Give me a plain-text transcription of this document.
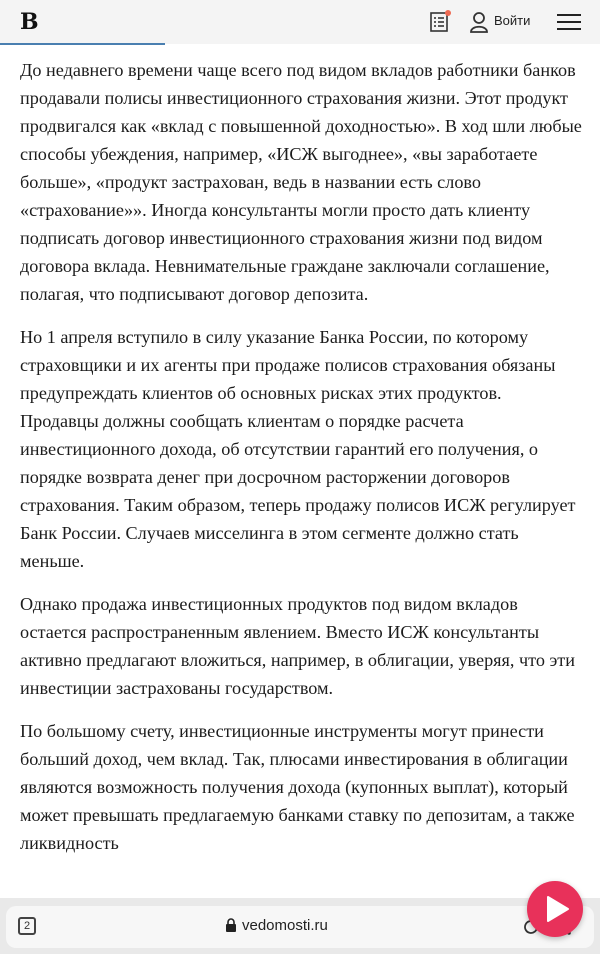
B	Войти

До недавнего времени чаще всего под видом вкладов работники банков продавали полисы инвестиционного страхования жизни. Этот продукт продвигался как «вклад с повышенной доходностью». В ход шли любые способы убеждения, например, «ИСЖ выгоднее», «вы заработаете больше», «продукт застрахован, ведь в названии есть слово «страхование»». Иногда консультанты могли просто дать клиенту подписать договор инвестиционного страхования жизни под видом договора вклада. Невнимательные граждане заключали соглашение, полагая, что подписывают договор депозита.

Но 1 апреля вступило в силу указание Банка России, по которому страховщики и их агенты при продаже полисов страхования обязаны предупреждать клиентов об основных рисках этих продуктов. Продавцы должны сообщать клиентам о порядке расчета инвестиционного дохода, об отсутствии гарантий его получения, о порядке возврата денег при досрочном расторжении договоров страхования. Таким образом, теперь продажу полисов ИСЖ регулирует Банк России. Случаев мисселинга в этом сегменте должно стать меньше.

Однако продажа инвестиционных продуктов под видом вкладов остается распространенным явлением. Вместо ИСЖ консультанты активно предлагают вложиться, например, в облигации, уверяя, что эти инвестиции застрахованы государством.

По большому счету, инвестиционные инструменты могут принести больший доход, чем вклад. Так, плюсами инвестирования в облигации являются возможность получения дохода (купонных выплат), который может превышать предлагаемую банками ставку по депозитам, а также ликвидность

2	vedomosti.ru
